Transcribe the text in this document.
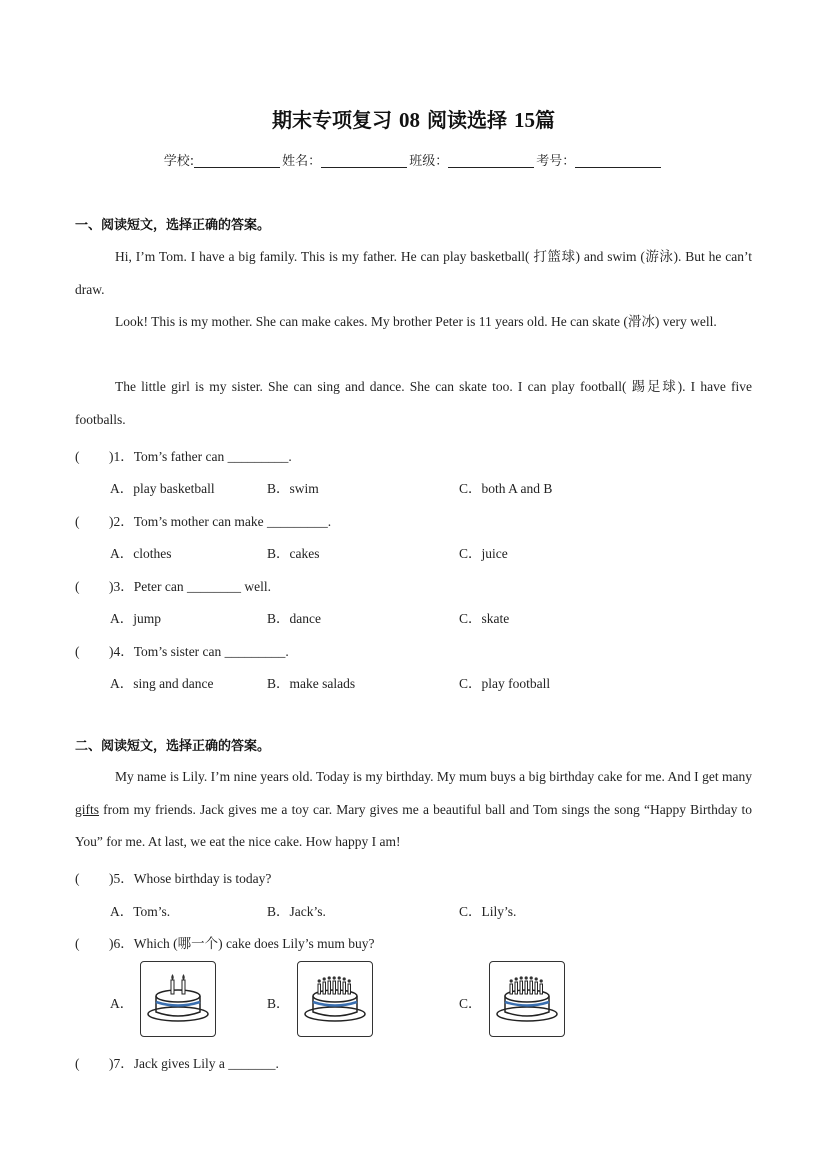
期末专项复习 08 阅读选择 15篇
学校:	姓名：	班级：	考号：
一、阅读短文，选择正确的答案。
Hi, I’m Tom. I have a big family. This is my father. He can play basketball( 打篮球) and swim (游泳). But he can’t draw.
Look! This is my mother. She can make cakes. My brother Peter is 11 years old. He can skate (滑冰) very well.
The little girl is my sister. She can sing and dance. She can skate too. I can play football( 踢足球). I have five footballs.
( )1．Tom’s father can _________.
A．play basketball	B．swim	C．both A and B
( )2．Tom’s mother can make _________.
A．clothes	B．cakes	C．juice
( )3．Peter can ________ well.
A．jump	B．dance	C．skate
( )4．Tom’s sister can _________.
A．sing and dance	B．make salads	C．play football
二、阅读短文，选择正确的答案。
My name is Lily. I’m nine years old. Today is my birthday. My mum buys a big birthday cake for me. And I get many gifts from my friends. Jack gives me a toy car. Mary gives me a beautiful ball and Tom sings the song “Happy Birthday to You” for me. At last, we eat the nice cake. How happy I am!
( )5．Whose birthday is today?
A．Tom’s.	B．Jack’s.	C．Lily’s.
( )6．Which (哪一个) cake does Lily’s mum buy?
A．	B．	C．
( )7．Jack gives Lily a _______.
